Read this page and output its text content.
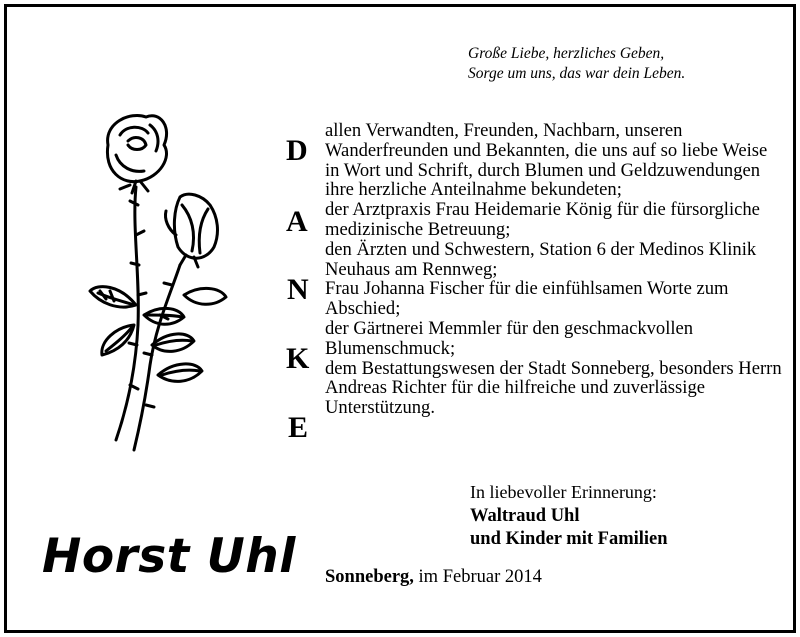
Große Liebe, herzliches Geben,
Sorge um uns, das war dein Leben.
D
A
N
K
E
allen Verwandten, Freunden, Nachbarn, unseren Wanderfreunden und Bekannten, die uns auf so liebe Weise in Wort und Schrift, durch Blumen und Geldzuwendungen ihre herzliche Anteilnahme bekundeten;
der Arztpraxis Frau Heidemarie König für die fürsorgliche medizinische Betreuung;
den Ärzten und Schwestern, Station 6 der Medinos Klinik Neuhaus am Rennweg;
Frau Johanna Fischer für die einfühlsamen Worte zum Abschied;
der Gärtnerei Memmler für den geschmackvollen Blumenschmuck;
dem Bestattungswesen der Stadt Sonneberg, besonders Herrn Andreas Richter für die hilfreiche und zuverlässige Unterstützung.
In liebevoller Erinnerung:
Waltraud Uhl
und Kinder mit Familien
Horst Uhl Sonneberg, im Februar 2014
